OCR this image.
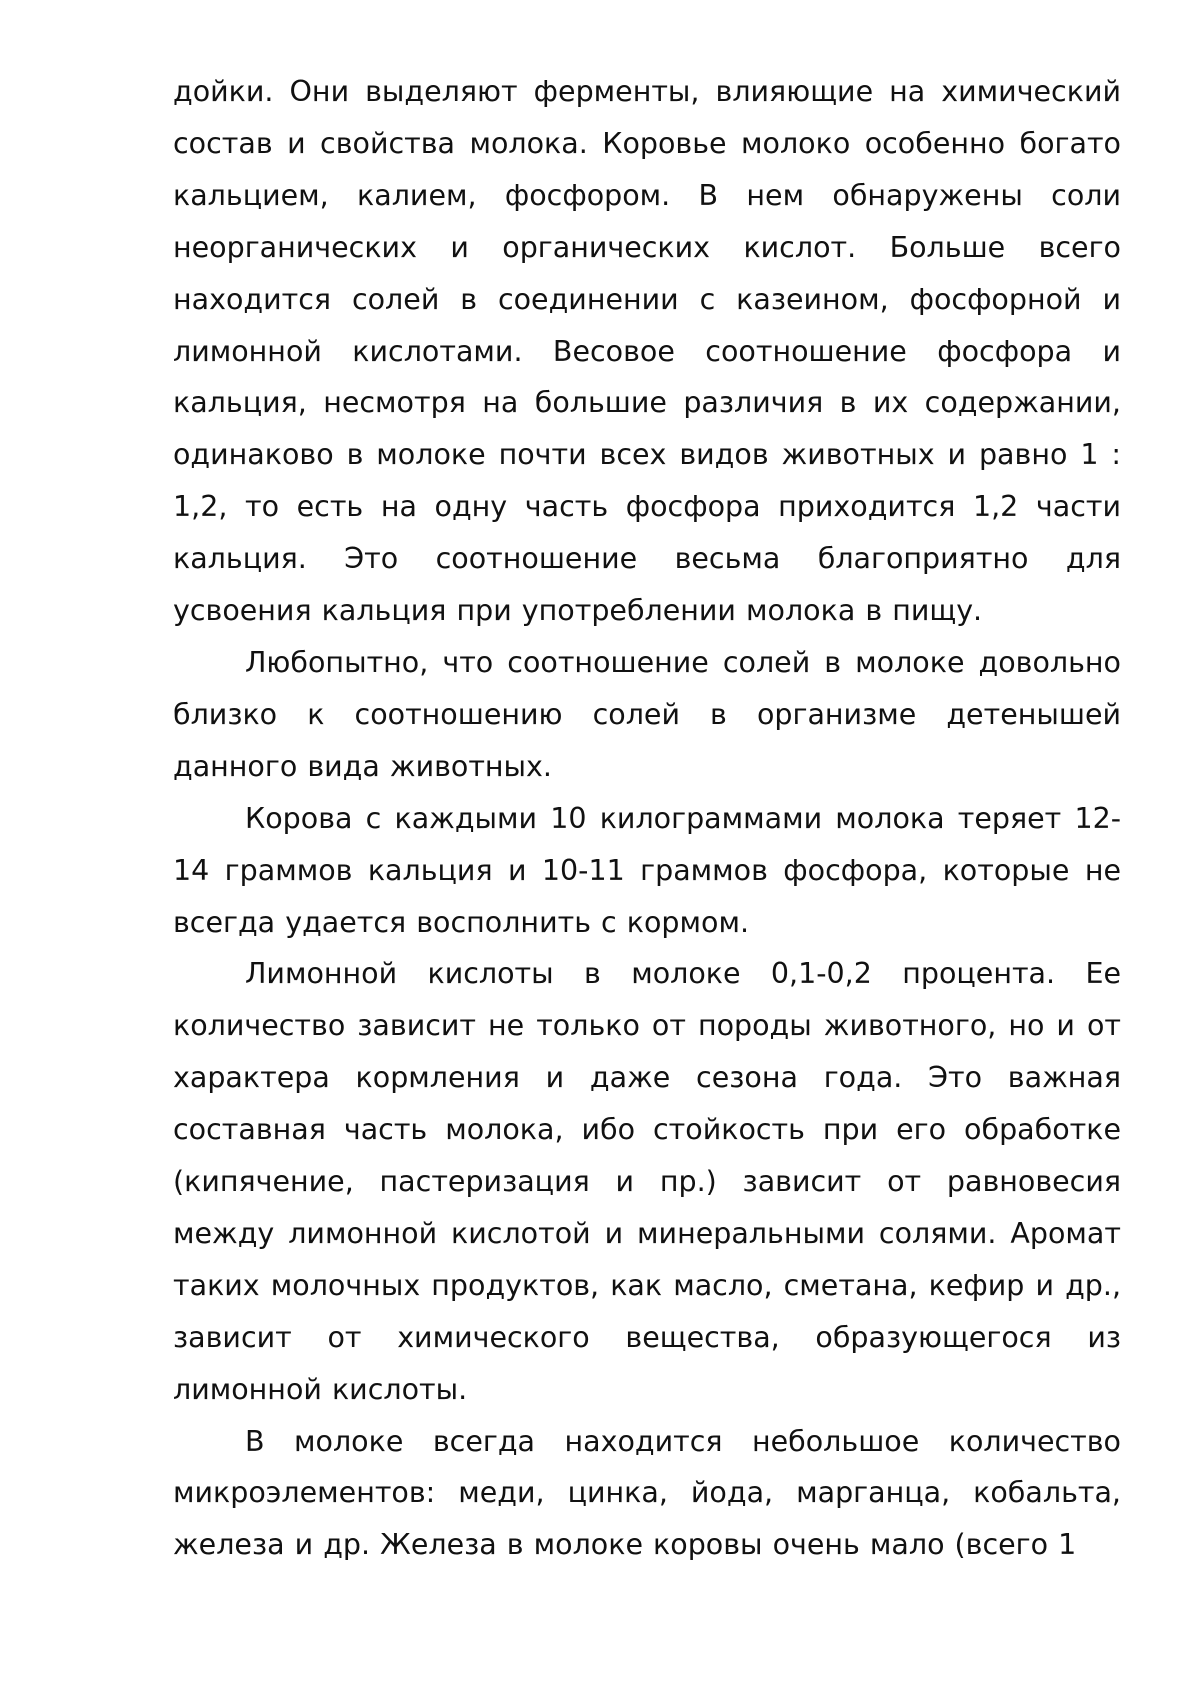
дойки. Они выделяют ферменты, влияющие на химический состав и свойства молока. Коровье молоко особенно богато кальцием, калием, фосфором. В нем обнаружены соли неорганических и органических кислот. Больше всего находится солей в соединении с казеином, фосфорной и лимонной кислотами. Весовое соотношение фосфора и кальция, несмотря на большие различия в их содержании, одинаково в молоке почти всех видов животных и равно 1 : 1,2, то есть на одну часть фосфора приходится 1,2 части кальция. Это соотношение весьма благоприятно для усвоения кальция при употреблении молока в пищу.

Любопытно, что соотношение солей в молоке довольно близко к соотношению солей в организме детенышей данного вида животных.

Корова с каждыми 10 килограммами молока теряет 12-14 граммов кальция и 10-11 граммов фосфора, которые не всегда удается восполнить с кормом.

Лимонной кислоты в молоке 0,1-0,2 процента. Ее количество зависит не только от породы животного, но и от характера кормления и даже сезона года. Это важная составная часть молока, ибо стойкость при его обработке (кипячение, пастеризация и пр.) зависит от равновесия между лимонной кислотой и минеральными солями. Аромат таких молочных продуктов, как масло, сметана, кефир и др., зависит от химического вещества, образующегося из лимонной кислоты.

В молоке всегда находится небольшое количество микроэлементов: меди, цинка, йода, марганца, кобальта, железа и др. Железа в молоке коровы очень мало (всего 1
